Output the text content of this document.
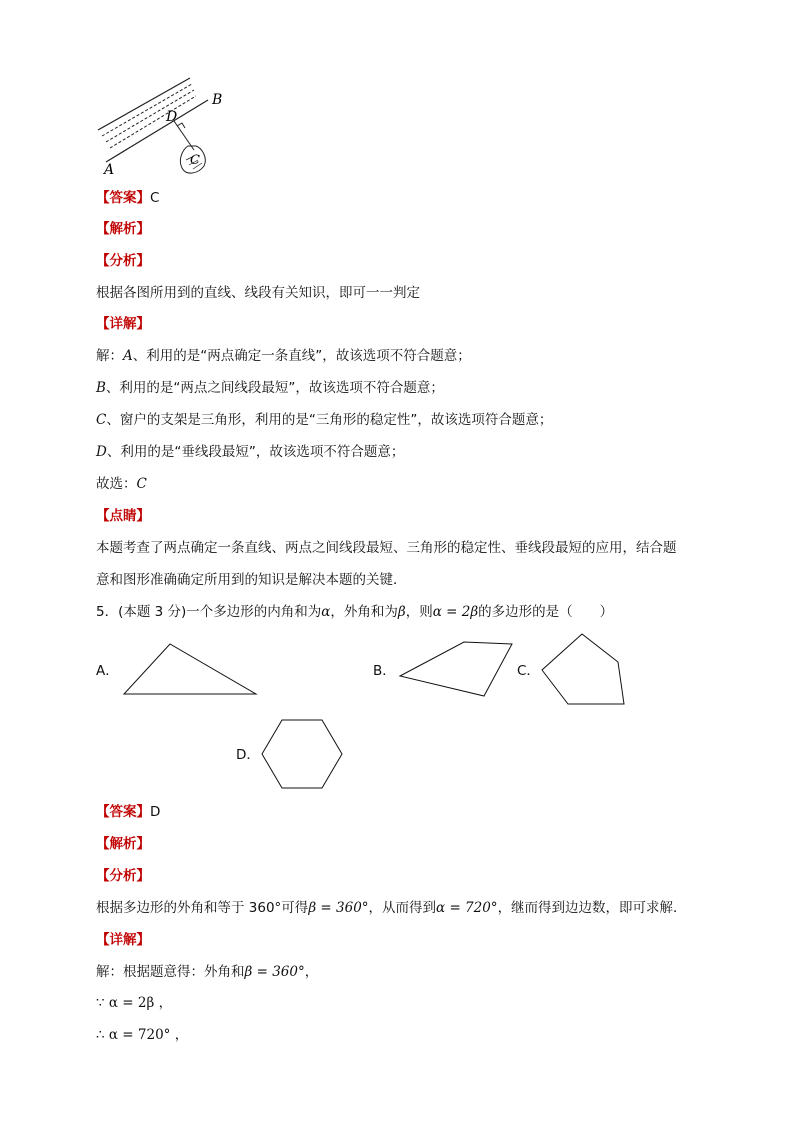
B
D
A
C
【答案】C
【解析】
【分析】
根据各图所用到的直线、线段有关知识，即可一一判定
【详解】
解：A、利用的是“两点确定一条直线”，故该选项不符合题意；
B、利用的是“两点之间线段最短”，故该选项不符合题意；
C、窗户的支架是三角形，利用的是“三角形的稳定性”，故该选项符合题意；
D、利用的是“垂线段最短”，故该选项不符合题意；
故选：C
【点睛】
本题考查了两点确定一条直线、两点之间线段最短、三角形的稳定性、垂线段最短的应用，结合题
意和图形准确确定所用到的知识是解决本题的关键．
5．(本题 3 分)一个多边形的内角和为α，外角和为β，则α = 2β的多边形的是（　　）
A．	B．	C．
D．
【答案】D
【解析】
【分析】
根据多边形的外角和等于 360°可得β = 360°，从而得到α = 720°，继而得到边边数，即可求解．
【详解】
解：根据题意得：外角和β = 360°，
∵ α = 2β ，
∴ α = 720° ，
